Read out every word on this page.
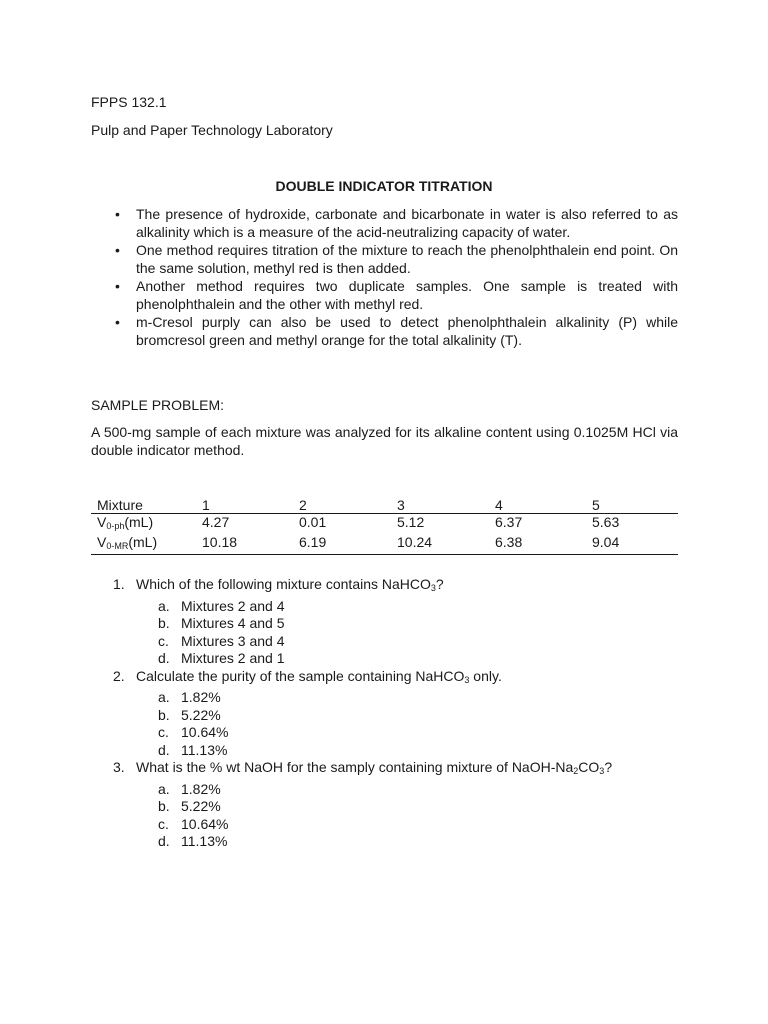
FPPS 132.1
Pulp and Paper Technology Laboratory
DOUBLE INDICATOR TITRATION
• The presence of hydroxide, carbonate and bicarbonate in water is also referred to as alkalinity which is a measure of the acid-neutralizing capacity of water.
• One method requires titration of the mixture to reach the phenolphthalein end point. On the same solution, methyl red is then added.
• Another method requires two duplicate samples. One sample is treated with phenolphthalein and the other with methyl red.
• m-Cresol purply can also be used to detect phenolphthalein alkalinity (P) while bromcresol green and methyl orange for the total alkalinity (T).
SAMPLE PROBLEM:
A 500-mg sample of each mixture was analyzed for its alkaline content using 0.1025M HCl via double indicator method.
Mixture	1	2	3	4	5
$V_{0-ph}(mL)$	4.27	0.01	5.12	6.37	5.63
$V_{0-MR}(mL)$	10.18	6.19	10.24	6.38	9.04
1. Which of the following mixture contains NaHCO$_3$?
a. Mixtures 2 and 4
b. Mixtures 4 and 5
c. Mixtures 3 and 4
d. Mixtures 2 and 1
2. Calculate the purity of the sample containing NaHCO$_3$ only.
a. 1.82%
b. 5.22%
c. 10.64%
d. 11.13%
3. What is the % wt NaOH for the samply containing mixture of NaOH-$Na_2CO_3$?
a. 1.82%
b. 5.22%
c. 10.64%
d. 11.13%
